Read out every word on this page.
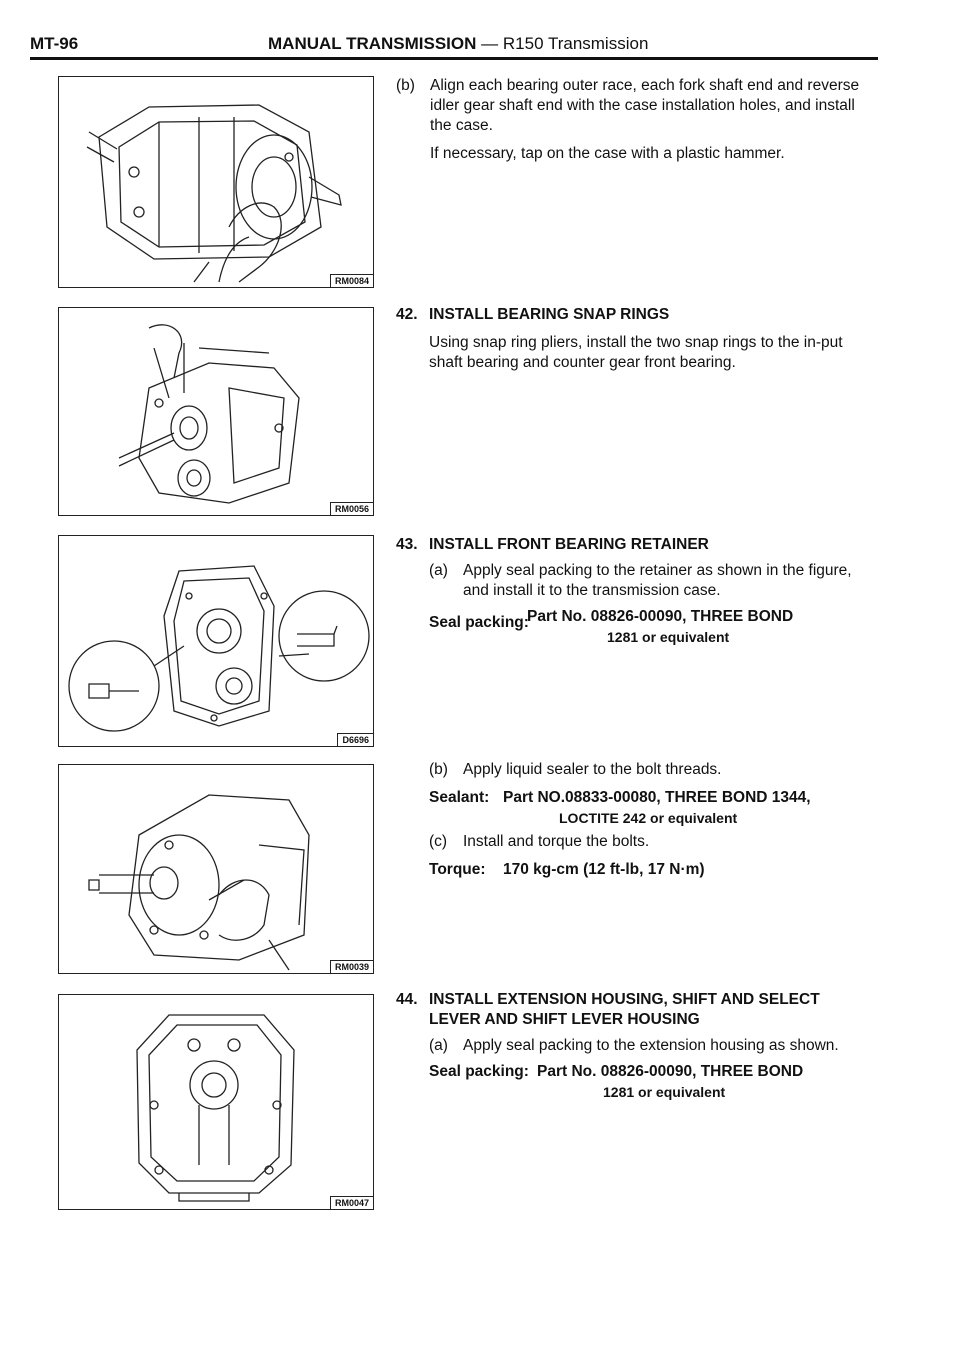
MT-96	MANUAL TRANSMISSION — R150 Transmission
RM0084
RM0056
D6696
RM0039
RM0047

(b) Align each bearing outer race, each fork shaft end and reverse idler gear shaft end with the case installation holes, and install the case.

If necessary, tap on the case with a plastic hammer.

42. INSTALL BEARING SNAP RINGS

Using snap ring pliers, install the two snap rings to the in-put shaft bearing and counter gear front bearing.

43. INSTALL FRONT BEARING RETAINER

(a) Apply seal packing to the retainer as shown in the figure, and install it to the transmission case.

Seal packing:
Part No. 08826-00090, THREE BOND
1281 or equivalent

(b) Apply liquid sealer to the bolt threads.

Sealant: Part NO.08833-00080, THREE BOND 1344,
LOCTITE 242 or equivalent

(c) Install and torque the bolts.

Torque: 170 kg-cm (12 ft-lb, 17 N·m)

44. INSTALL EXTENSION HOUSING, SHIFT AND SELECT

LEVER AND SHIFT LEVER HOUSING

(a) Apply seal packing to the extension housing as shown.

Seal packing: Part No. 08826-00090, THREE BOND
1281 or equivalent
